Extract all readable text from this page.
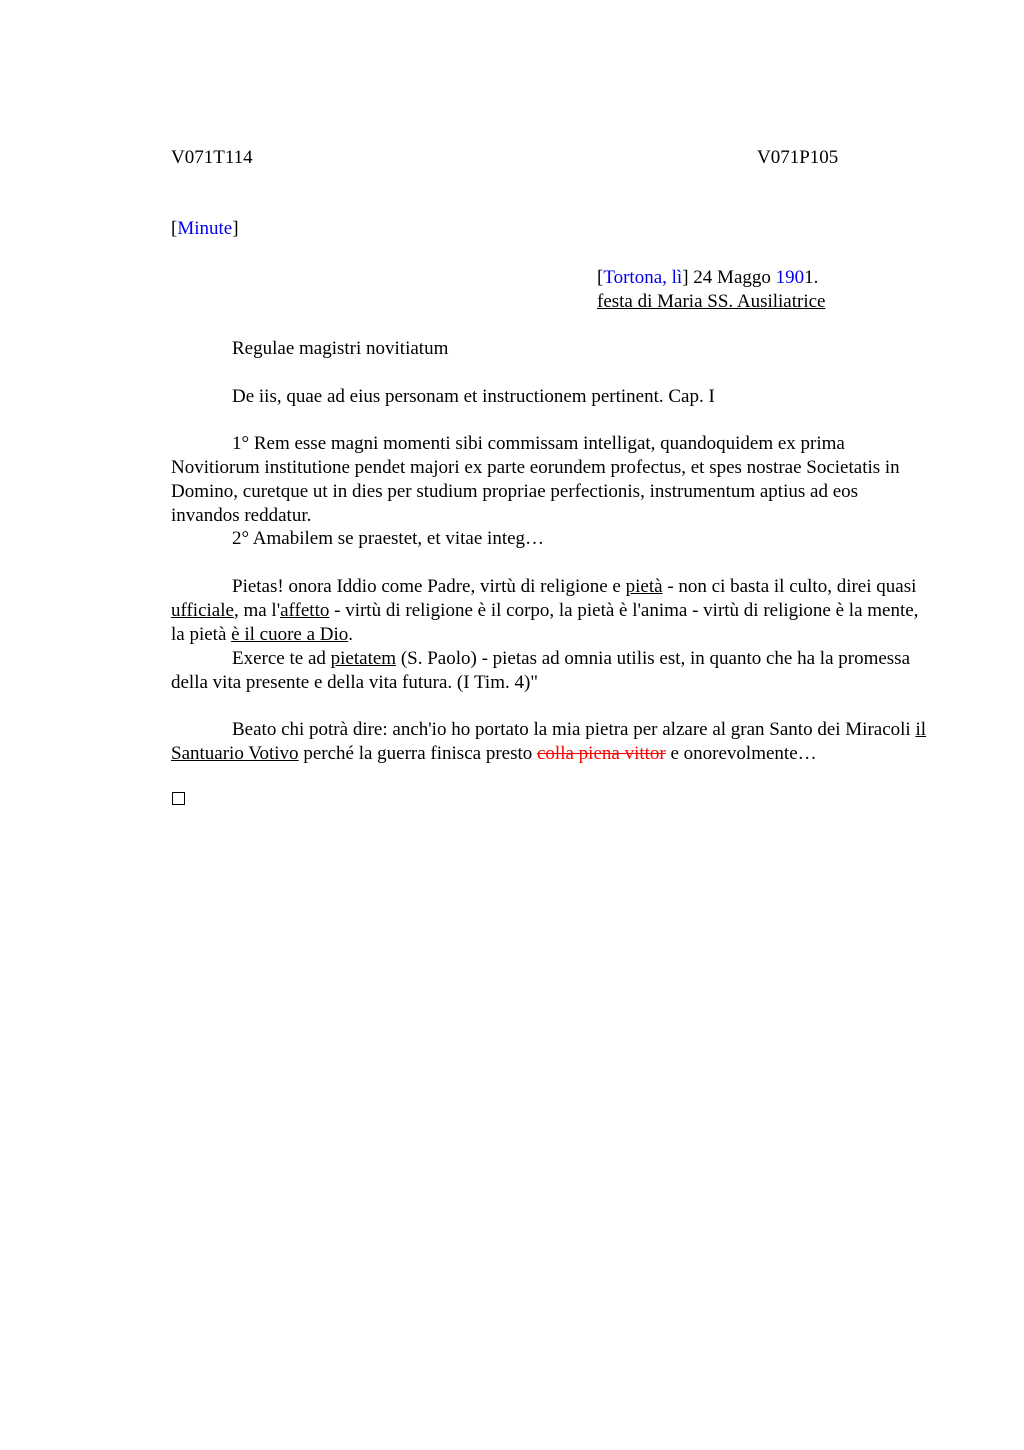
V071T114	V071P105
[Minute]
[Tortona, lì] 24 Maggo 1901.
festa di Maria SS. Ausiliatrice
Regulae magistri novitiatum
De iis, quae ad eius personam et instructionem pertinent. Cap. I
1° Rem esse magni momenti sibi commissam intelligat, quandoquidem ex prima Novitiorum institutione pendet majori ex parte eorundem profectus, et spes nostrae Societatis in Domino, curetque ut in dies per studium propriae perfectionis, instrumentum aptius ad eos invandos reddatur.
2° Amabilem se praestet, et vitae integ…
Pietas! onora Iddio come Padre, virtù di religione e pietà - non ci basta il culto, direi quasi ufficiale, ma l'affetto - virtù di religione è il corpo, la pietà è l'anima - virtù di religione è la mente, la pietà è il cuore a Dio.
Exerce te ad pietatem (S. Paolo) - pietas ad omnia utilis est, in quanto che ha la promessa della vita presente e della vita futura. (I Tim. 4)"
Beato chi potrà dire: anch'io ho portato la mia pietra per alzare al gran Santo dei Miracoli il Santuario Votivo perché la guerra finisca presto colla piena vittor e onorevolmente…
